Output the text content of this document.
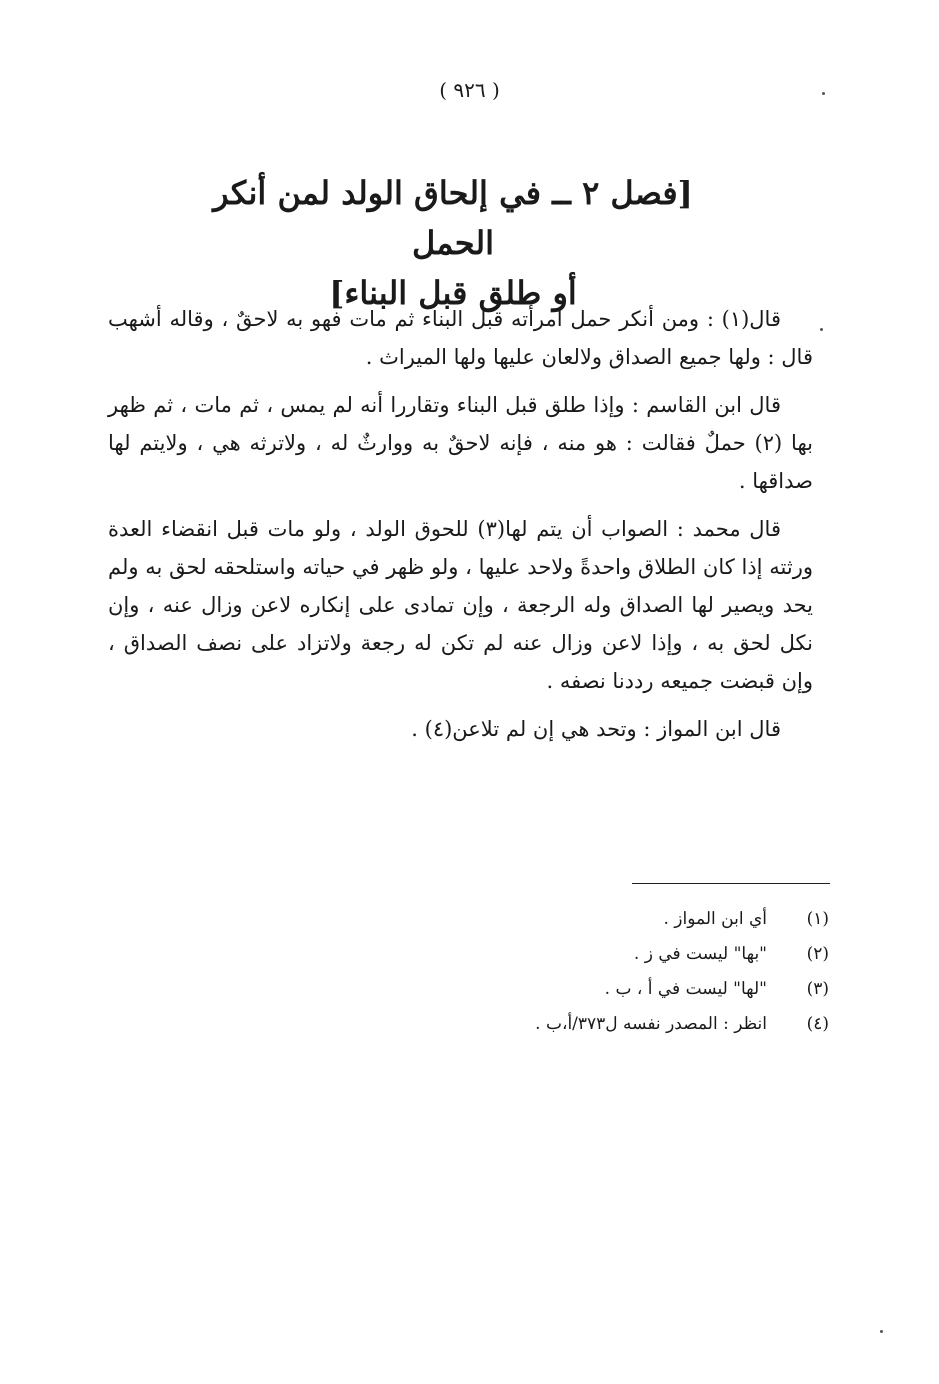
( ٩٢٦ )
[فصل ٢ ــ في إلحاق الولد لمن أنكر الحمل
أو طلق قبل البناء]

قال(١) : ومن أنكر حمل امرأته قبل البناء ثم مات فهو به لاحقٌ ، وقاله أشهب قال : ولها جميع الصداق ولالعان عليها ولها الميراث .

قال ابن القاسم : وإذا طلق قبل البناء وتقاررا أنه لم يمس ، ثم مات ، ثم ظهر بها (٢) حملٌ فقالت : هو منه ، فإنه لاحقٌ به ووارثٌ له ، ولاترثه هي ، ولايتم لها صداقها .

قال محمد : الصواب أن يتم لها(٣) للحوق الولد ، ولو مات قبل انقضاء العدة ورثته إذا كان الطلاق واحدةً ولاحد عليها ، ولو ظهر في حياته واستلحقه لحق به ولم يحد ويصير لها الصداق وله الرجعة ، وإن تمادى على إنكاره لاعن وزال عنه ، وإن نكل لحق به ، وإذا لاعن وزال عنه لم تكن له رجعة ولاتزاد على نصف الصداق ، وإن قبضت جميعه رددنا نصفه .

قال ابن المواز : وتحد هي إن لم تلاعن(٤) .

(١)
أي ابن المواز .
(٢)
"بها" ليست في ز .
(٣)
"لها" ليست في أ ، ب .
(٤)
انظر : المصدر نفسه ل٣٧٣/أ،ب .
